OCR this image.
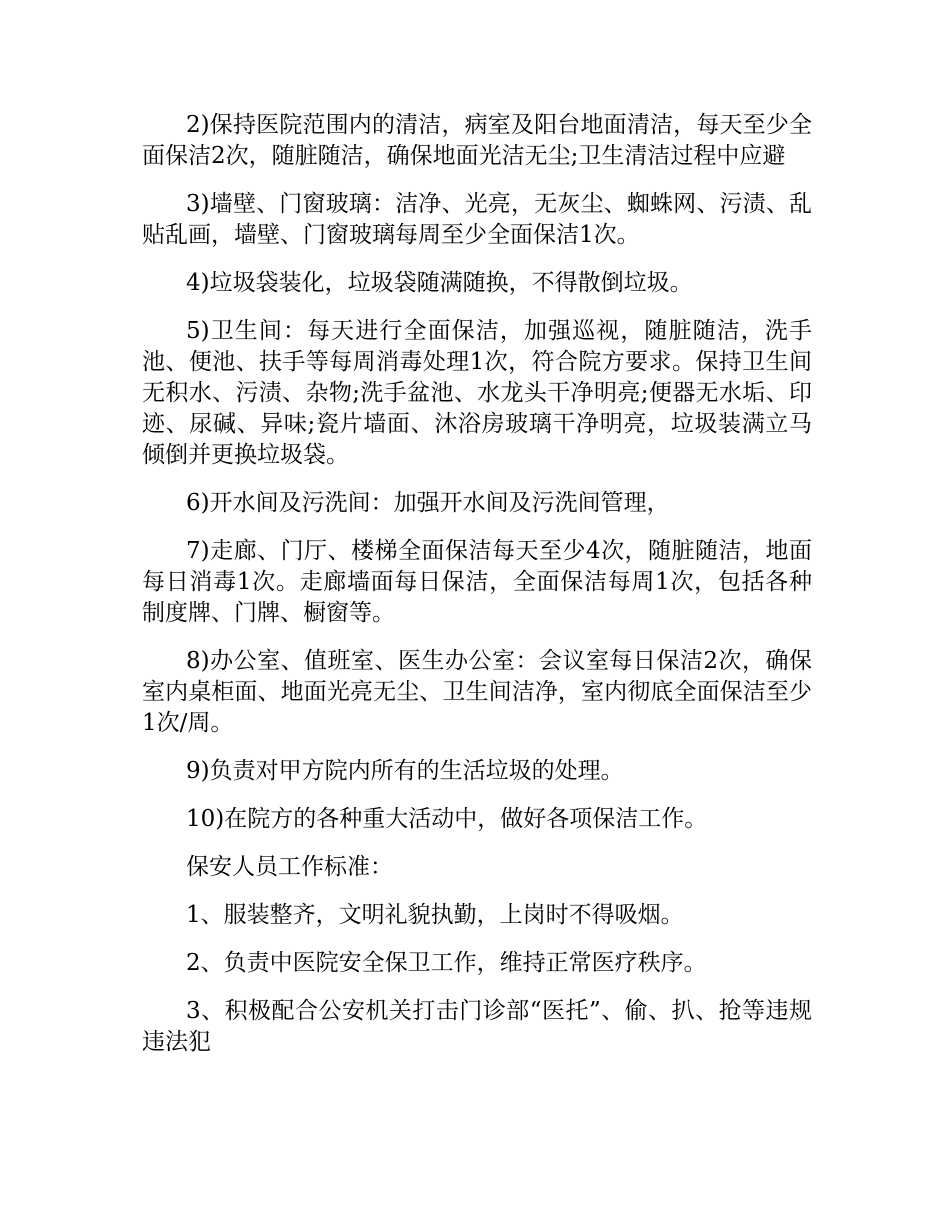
2)保持医院范围内的清洁，病室及阳台地面清洁，每天至少全面保洁2次，随脏随洁，确保地面光洁无尘;卫生清洁过程中应避

3)墙壁、门窗玻璃：洁净、光亮，无灰尘、蜘蛛网、污渍、乱贴乱画，墙壁、门窗玻璃每周至少全面保洁1次。

4)垃圾袋装化，垃圾袋随满随换，不得散倒垃圾。

5)卫生间：每天进行全面保洁，加强巡视，随脏随洁，洗手池、便池、扶手等每周消毒处理1次，符合院方要求。保持卫生间无积水、污渍、杂物;洗手盆池、水龙头干净明亮;便器无水垢、印迹、尿碱、异味;瓷片墙面、沐浴房玻璃干净明亮，垃圾装满立马倾倒并更换垃圾袋。

6)开水间及污洗间：加强开水间及污洗间管理，

7)走廊、门厅、楼梯全面保洁每天至少4次，随脏随洁，地面每日消毒1次。走廊墙面每日保洁，全面保洁每周1次，包括各种制度牌、门牌、橱窗等。

8)办公室、值班室、医生办公室：会议室每日保洁2次，确保室内桌柜面、地面光亮无尘、卫生间洁净，室内彻底全面保洁至少1次/周。

9)负责对甲方院内所有的生活垃圾的处理。

10)在院方的各种重大活动中，做好各项保洁工作。

保安人员工作标准：

1、服装整齐，文明礼貌执勤，上岗时不得吸烟。

2、负责中医院安全保卫工作，维持正常医疗秩序。

3、积极配合公安机关打击门诊部“医托”、偷、扒、抢等违规违法犯
